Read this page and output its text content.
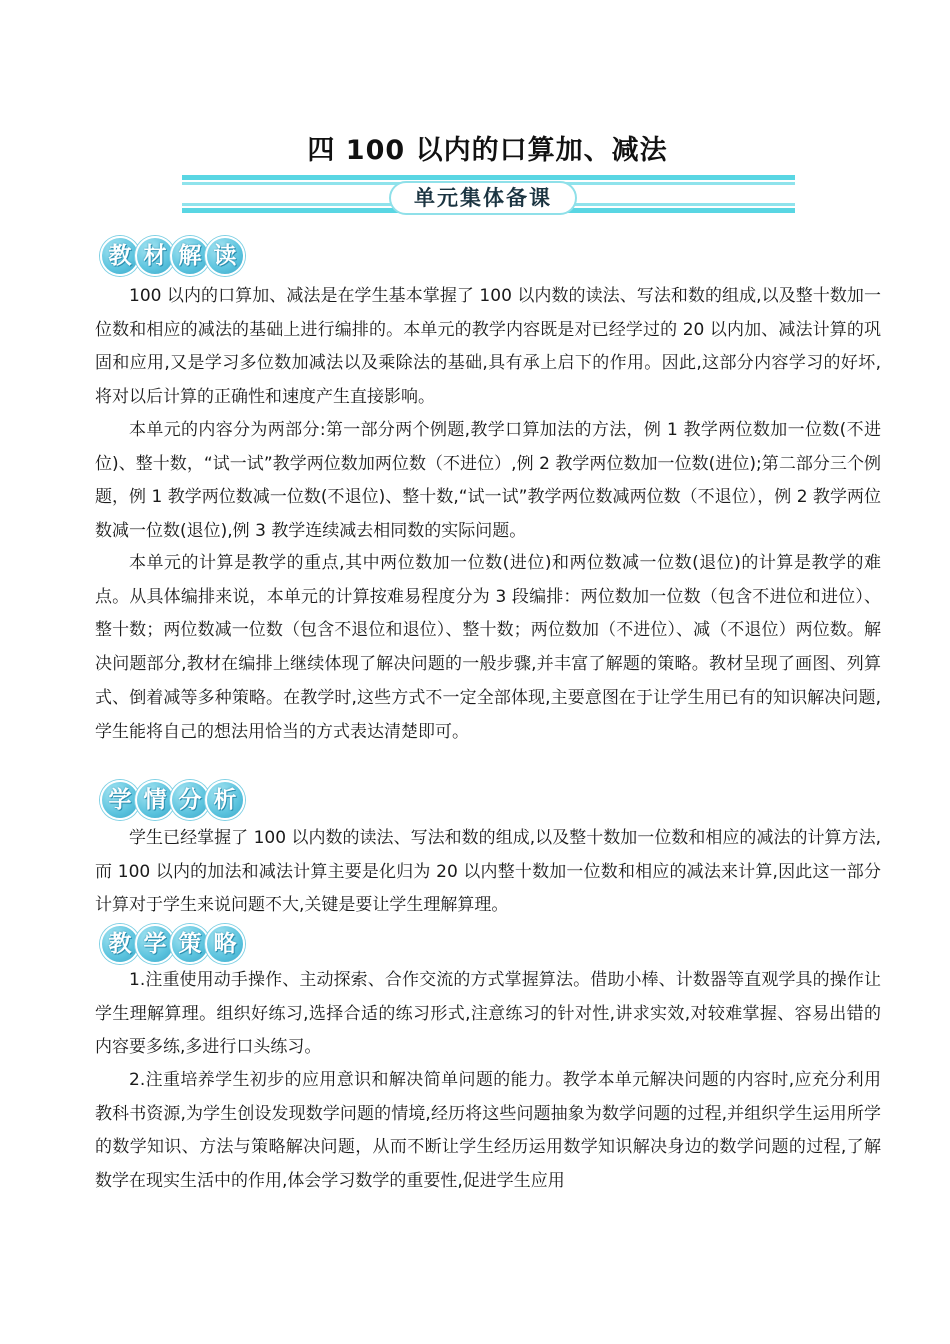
四 100 以内的口算加、减法
单元集体备课
教 材 解 读

100 以内的口算加、减法是在学生基本掌握了 100 以内数的读法、写法和数的组成,以及整十数加一位数和相应的减法的基础上进行编排的。本单元的教学内容既是对已经学过的 20 以内加、减法计算的巩固和应用,又是学习多位数加减法以及乘除法的基础,具有承上启下的作用。因此,这部分内容学习的好坏,将对以后计算的正确性和速度产生直接影响。

本单元的内容分为两部分:第一部分两个例题,教学口算加法的方法，例 1 教学两位数加一位数(不进位)、整十数，“试一试”教学两位数加两位数（不进位）,例 2 教学两位数加一位数(进位);第二部分三个例题，例 1 教学两位数减一位数(不退位)、整十数,“试一试”教学两位数减两位数（不退位），例 2 教学两位数减一位数(退位),例 3 教学连续减去相同数的实际问题。

本单元的计算是教学的重点,其中两位数加一位数(进位)和两位数减一位数(退位)的计算是教学的难点。从具体编排来说，本单元的计算按难易程度分为 3 段编排：两位数加一位数（包含不进位和进位）、整十数；两位数减一位数（包含不退位和退位）、整十数；两位数加（不进位）、减（不退位）两位数。解决问题部分,教材在编排上继续体现了解决问题的一般步骤,并丰富了解题的策略。教材呈现了画图、列算式、倒着减等多种策略。在教学时,这些方式不一定全部体现,主要意图在于让学生用已有的知识解决问题,学生能将自己的想法用恰当的方式表达清楚即可。

学 情 分 析

学生已经掌握了 100 以内数的读法、写法和数的组成,以及整十数加一位数和相应的减法的计算方法,而 100 以内的加法和减法计算主要是化归为 20 以内整十数加一位数和相应的减法来计算,因此这一部分计算对于学生来说问题不大,关键是要让学生理解算理。

教 学 策 略

1.注重使用动手操作、主动探索、合作交流的方式掌握算法。借助小棒、计数器等直观学具的操作让学生理解算理。组织好练习,选择合适的练习形式,注意练习的针对性,讲求实效,对较难掌握、容易出错的内容要多练,多进行口头练习。

2.注重培养学生初步的应用意识和解决简单问题的能力。教学本单元解决问题的内容时,应充分利用教科书资源,为学生创设发现数学问题的情境,经历将这些问题抽象为数学问题的过程,并组织学生运用所学的数学知识、方法与策略解决问题，从而不断让学生经历运用数学知识解决身边的数学问题的过程,了解数学在现实生活中的作用,体会学习数学的重要性,促进学生应用
